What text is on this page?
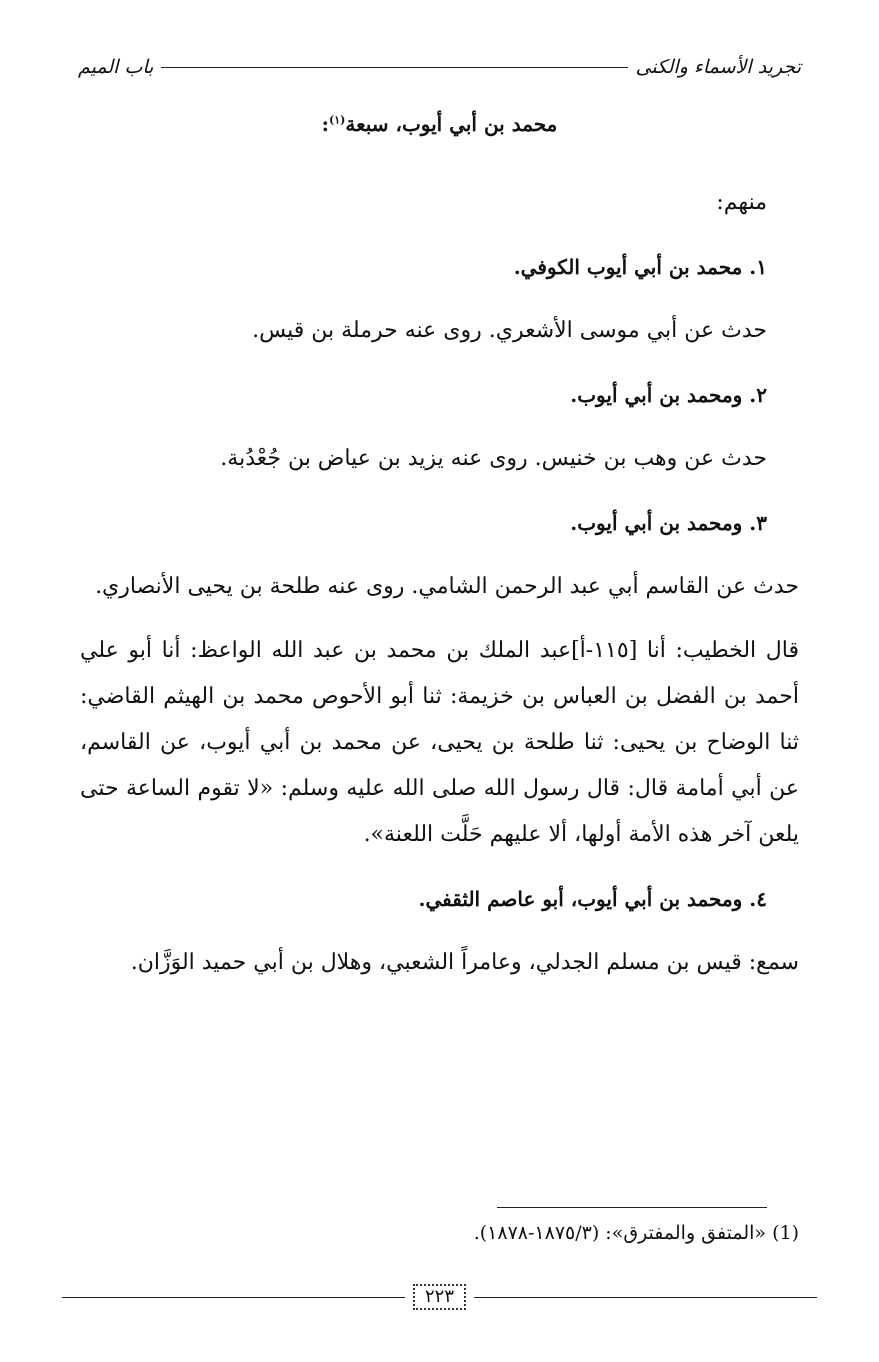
تجريد الأسماء والكنى
باب الميم
محمد بن أبي أيوب، سبعة$^{(١)}$:

منهم:

١. محمد بن أبي أيوب الكوفي.

حدث عن أبي موسى الأشعري. روى عنه حرملة بن قيس.

٢. ومحمد بن أبي أيوب.

حدث عن وهب بن خنيس. روى عنه يزيد بن عياض بن جُعْدُبة.

٣. ومحمد بن أبي أيوب.

حدث عن القاسم أبي عبد الرحمن الشامي. روى عنه طلحة بن يحيى الأنصاري.

قال الخطيب: أنا [١١٥-أ]عبد الملك بن محمد بن عبد الله الواعظ: أنا أبو علي أحمد بن الفضل بن العباس بن خزيمة: ثنا أبو الأحوص محمد بن الهيثم القاضي: ثنا الوضاح بن يحيى: ثنا طلحة بن يحيى، عن محمد بن أبي أيوب، عن القاسم، عن أبي أمامة قال: قال رسول الله صلى الله عليه وسلم: «لا تقوم الساعة حتى يلعن آخر هذه الأمة أولها، ألا عليهم حَلَّت اللعنة».

٤. ومحمد بن أبي أيوب، أبو عاصم الثقفي.

سمع: قيس بن مسلم الجدلي، وعامراً الشعبي، وهلال بن أبي حميد الوَزَّان.

(1) «المتفق والمفترق»: (١٨٧٥/٣-١٨٧٨).
٢٢٣
